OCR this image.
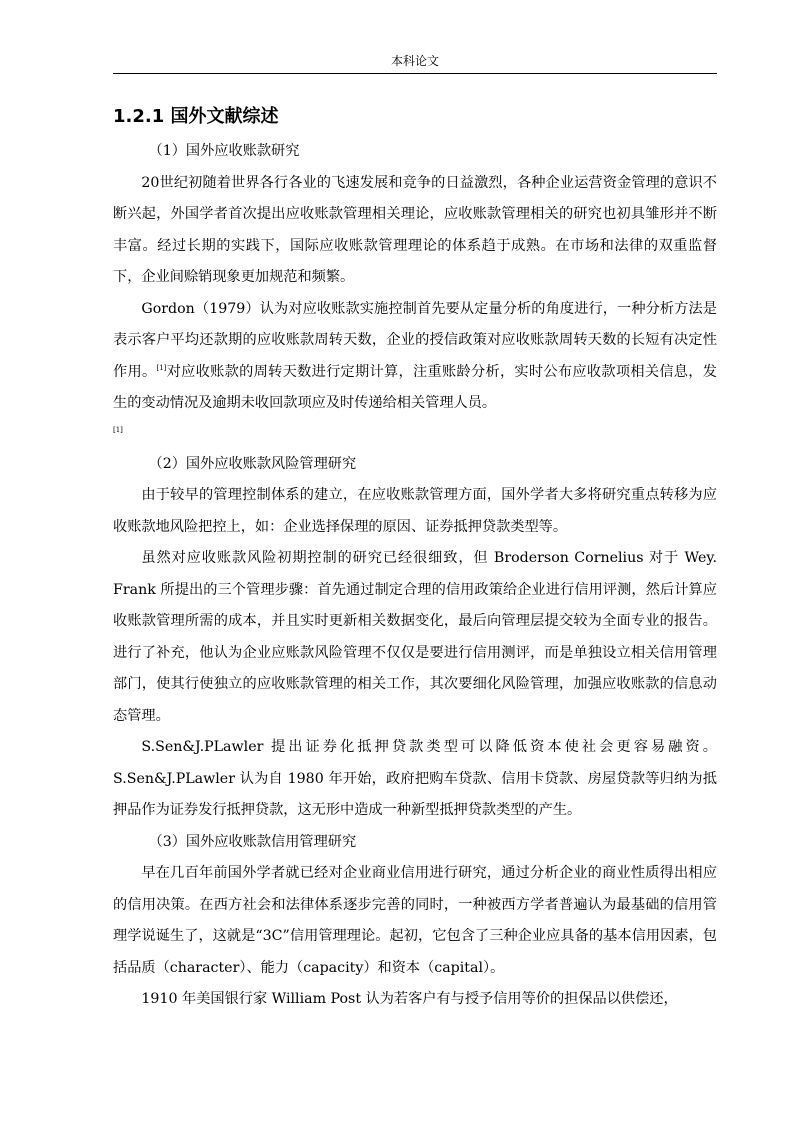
本科论文
1.2.1 国外文献综述

（1）国外应收账款研究

20世纪初随着世界各行各业的飞速发展和竞争的日益激烈，各种企业运营资金管理的意识不断兴起，外国学者首次提出应收账款管理相关理论，应收账款管理相关的研究也初具雏形并不断丰富。经过长期的实践下，国际应收账款管理理论的体系趋于成熟。在市场和法律的双重监督下，企业间赊销现象更加规范和频繁。

Gordon（1979）认为对应收账款实施控制首先要从定量分析的角度进行，一种分析方法是表示客户平均还款期的应收账款周转天数，企业的授信政策对应收账款周转天数的长短有决定性作用。[1]对应收账款的周转天数进行定期计算，注重账龄分析，实时公布应收款项相关信息，发生的变动情况及逾期未收回款项应及时传递给相关管理人员。

[1]

（2）国外应收账款风险管理研究

由于较早的管理控制体系的建立，在应收账款管理方面，国外学者大多将研究重点转移为应收账款地风险把控上，如：企业选择保理的原因、证券抵押贷款类型等。

虽然对应收账款风险初期控制的研究已经很细致，但 Broderson Cornelius 对于 Wey. Frank 所提出的三个管理步骤：首先通过制定合理的信用政策给企业进行信用评测，然后计算应收账款管理所需的成本，并且实时更新相关数据变化，最后向管理层提交较为全面专业的报告。进行了补充，他认为企业应账款风险管理不仅仅是要进行信用测评，而是单独设立相关信用管理部门，使其行使独立的应收账款管理的相关工作，其次要细化风险管理，加强应收账款的信息动态管理。

S.Sen&J.PLawler 提出证券化抵押贷款类型可以降低资本使社会更容易融资。S.Sen&J.PLawler 认为自 1980 年开始，政府把购车贷款、信用卡贷款、房屋贷款等归纳为抵押品作为证券发行抵押贷款，这无形中造成一种新型抵押贷款类型的产生。

（3）国外应收账款信用管理研究

早在几百年前国外学者就已经对企业商业信用进行研究，通过分析企业的商业性质得出相应的信用决策。在西方社会和法律体系逐步完善的同时，一种被西方学者普遍认为最基础的信用管理学说诞生了，这就是“3C”信用管理理论。起初，它包含了三种企业应具备的基本信用因素，包括品质（character）、能力（capacity）和资本（capital）。

1910 年美国银行家 William Post 认为若客户有与授予信用等价的担保品以供偿还，
